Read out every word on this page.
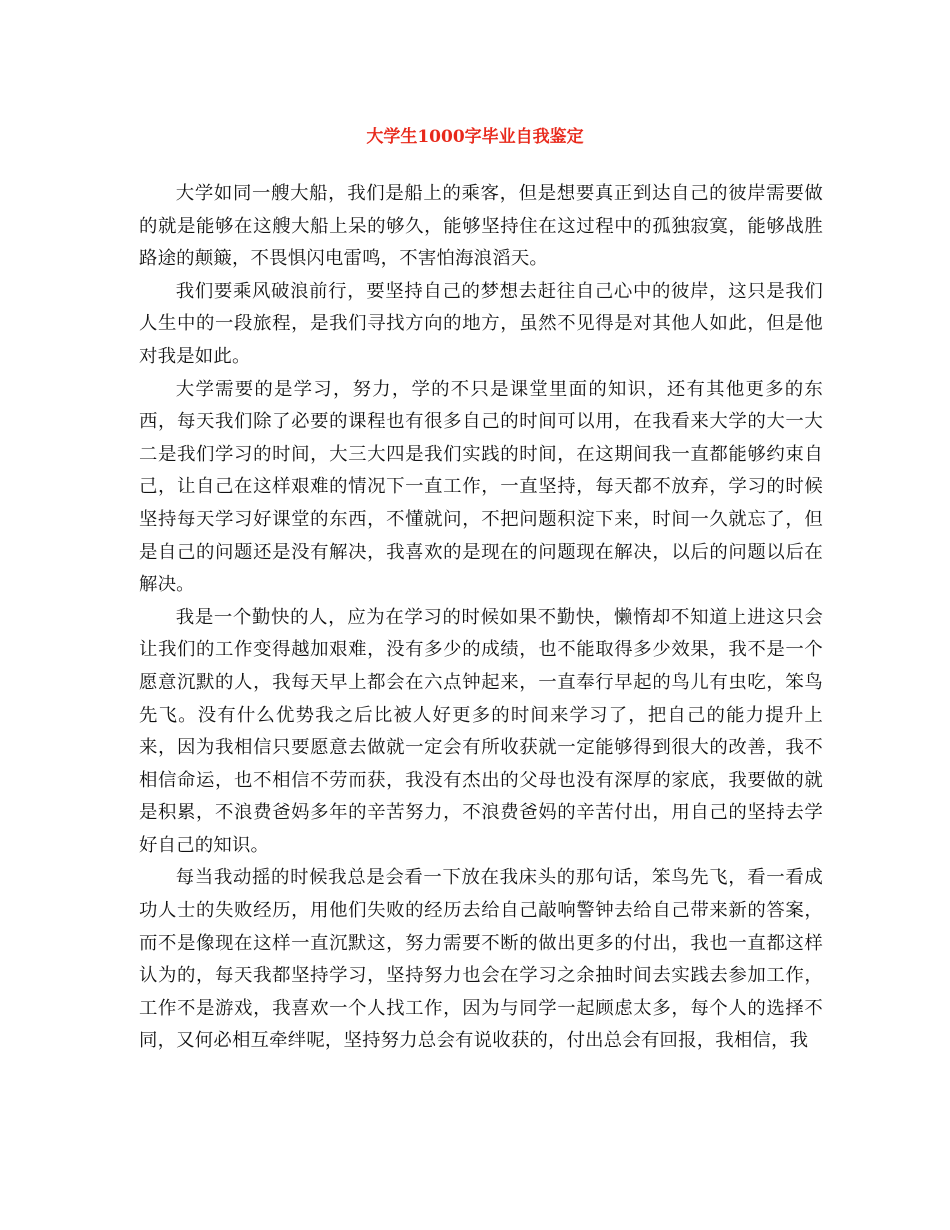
大学生1000字毕业自我鉴定

大学如同一艘大船，我们是船上的乘客，但是想要真正到达自己的彼岸需要做的就是能够在这艘大船上呆的够久，能够坚持住在这过程中的孤独寂寞，能够战胜路途的颠簸，不畏惧闪电雷鸣，不害怕海浪滔天。

我们要乘风破浪前行，要坚持自己的梦想去赶往自己心中的彼岸，这只是我们人生中的一段旅程，是我们寻找方向的地方，虽然不见得是对其他人如此，但是他对我是如此。

大学需要的是学习，努力，学的不只是课堂里面的知识，还有其他更多的东西，每天我们除了必要的课程也有很多自己的时间可以用，在我看来大学的大一大二是我们学习的时间，大三大四是我们实践的时间，在这期间我一直都能够约束自己，让自己在这样艰难的情况下一直工作，一直坚持，每天都不放弃，学习的时候坚持每天学习好课堂的东西，不懂就问，不把问题积淀下来，时间一久就忘了，但是自己的问题还是没有解决，我喜欢的是现在的问题现在解决，以后的问题以后在解决。

我是一个勤快的人，应为在学习的时候如果不勤快，懒惰却不知道上进这只会让我们的工作变得越加艰难，没有多少的成绩，也不能取得多少效果，我不是一个愿意沉默的人，我每天早上都会在六点钟起来，一直奉行早起的鸟儿有虫吃，笨鸟先飞。没有什么优势我之后比被人好更多的时间来学习了，把自己的能力提升上来，因为我相信只要愿意去做就一定会有所收获就一定能够得到很大的改善，我不相信命运，也不相信不劳而获，我没有杰出的父母也没有深厚的家底，我要做的就是积累，不浪费爸妈多年的辛苦努力，不浪费爸妈的辛苦付出，用自己的坚持去学好自己的知识。

每当我动摇的时候我总是会看一下放在我床头的那句话，笨鸟先飞，看一看成功人士的失败经历，用他们失败的经历去给自己敲响警钟去给自己带来新的答案，而不是像现在这样一直沉默这，努力需要不断的做出更多的付出，我也一直都这样认为的，每天我都坚持学习，坚持努力也会在学习之余抽时间去实践去参加工作，工作不是游戏，我喜欢一个人找工作，因为与同学一起顾虑太多，每个人的选择不同，又何必相互牵绊呢，坚持努力总会有说收获的，付出总会有回报，我相信，我
